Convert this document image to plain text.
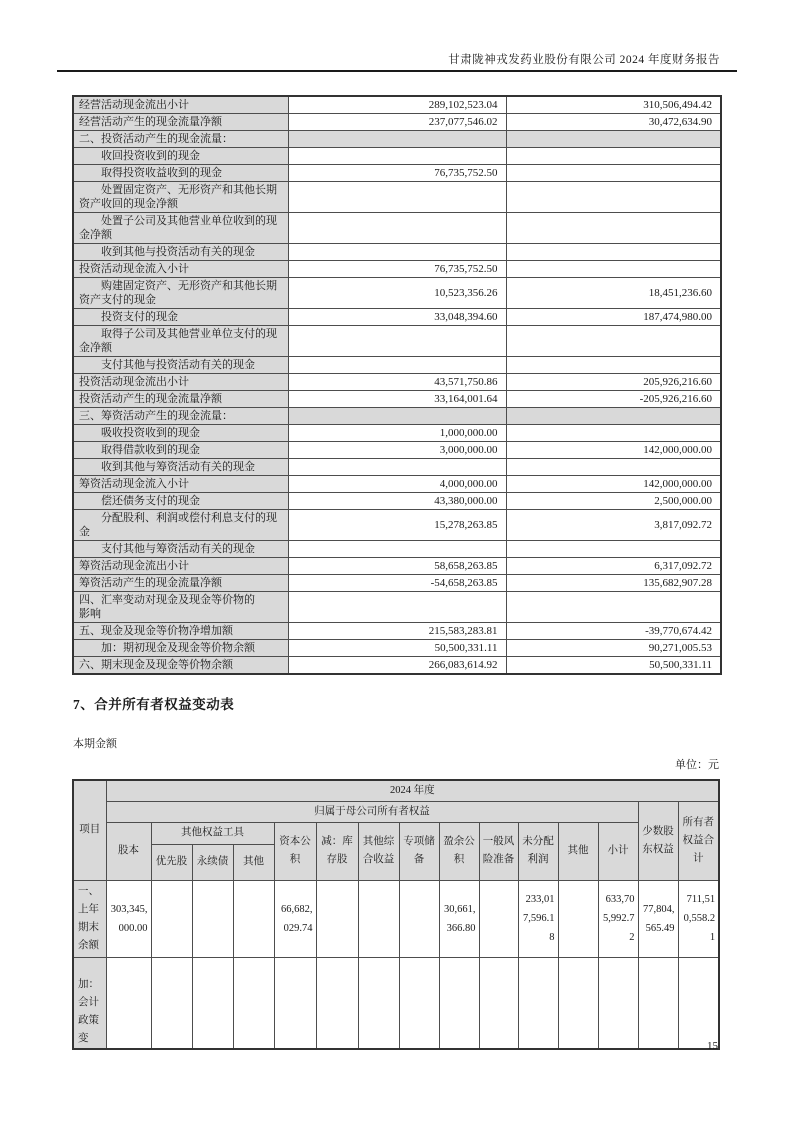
甘肃陇神戎发药业股份有限公司 2024 年度财务报告
经营活动现金流出小计	289,102,523.04	310,506,494.42
经营活动产生的现金流量净额	237,077,546.02	30,472,634.90
二、投资活动产生的现金流量：		
收回投资收到的现金		
取得投资收益收到的现金	76,735,752.50	
处置固定资产、无形资产和其他长期资产收回的现金净额		
处置子公司及其他营业单位收到的现金净额		
收到其他与投资活动有关的现金		
投资活动现金流入小计	76,735,752.50	
购建固定资产、无形资产和其他长期资产支付的现金	10,523,356.26	18,451,236.60
投资支付的现金	33,048,394.60	187,474,980.00
取得子公司及其他营业单位支付的现金净额		
支付其他与投资活动有关的现金		
投资活动现金流出小计	43,571,750.86	205,926,216.60
投资活动产生的现金流量净额	33,164,001.64	-205,926,216.60
三、筹资活动产生的现金流量：		
吸收投资收到的现金	1,000,000.00	
取得借款收到的现金	3,000,000.00	142,000,000.00
收到其他与筹资活动有关的现金		
筹资活动现金流入小计	4,000,000.00	142,000,000.00
偿还债务支付的现金	43,380,000.00	2,500,000.00
分配股利、利润或偿付利息支付的现金	15,278,263.85	3,817,092.72
支付其他与筹资活动有关的现金		
筹资活动现金流出小计	58,658,263.85	6,317,092.72
筹资活动产生的现金流量净额	-54,658,263.85	135,682,907.28
四、汇率变动对现金及现金等价物的影响		
五、现金及现金等价物净增加额	215,583,283.81	-39,770,674.42
加：期初现金及现金等价物余额	50,500,331.11	90,271,005.53
六、期末现金及现金等价物余额	266,083,614.92	50,500,331.11
7、合并所有者权益变动表
本期金额
单位：元
项目	2024 年度														
	归属于母公司所有者权益													少数股东权益	所有者权益合计
	股本	其他权益工具			资本公积	减：库存股	其他综合收益	专项储备	盈余公积	一般风险准备	未分配利润	其他	小计		
		优先股	永续债	其他											
一、上年期末余额	303,345,000.00				66,682,029.74				30,661,366.80		233,017,596.18		633,705,992.72	77,804,565.49	711,510,558.21
　加：会计政策变															
15
